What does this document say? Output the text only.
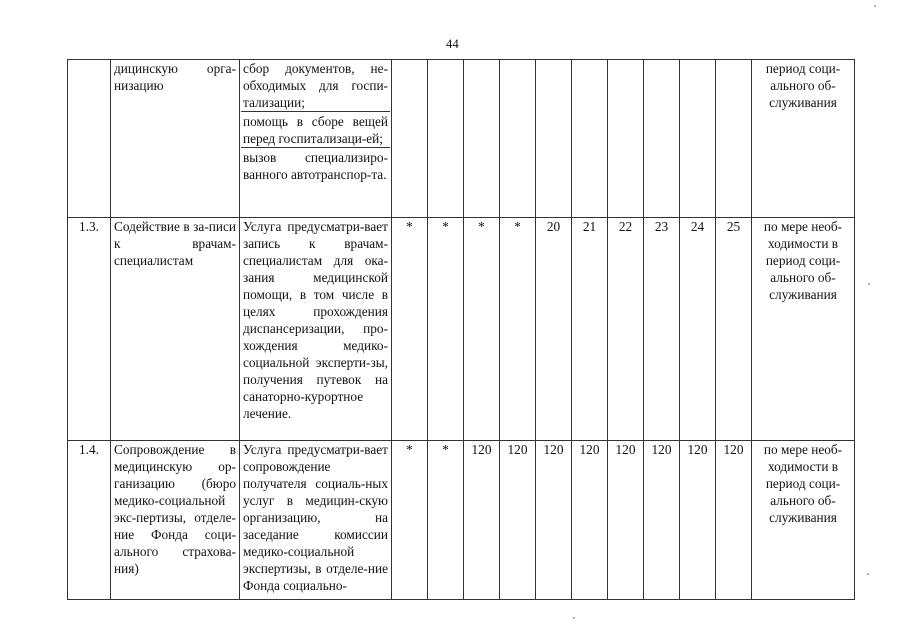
44
	дицинскую орга-низацию	сбор документов, не-обходимых для госпи-тализации;
помощь в сборе вещей перед госпитализаци-ей;
вызов специализиро-ванного автотранспор-та.											период соци-ального об-служивания
1.3.	Содействие в за-писи к врачам-специалистам	Услуга предусматри-вает запись к врачам-специалистам для ока-зания медицинской помощи, в том числе в целях прохождения диспансеризации, про-хождения медико-социальной эксперти-зы, получения путевок на санаторно-курортное лечение.	*	*	*	*	20	21	22	23	24	25	по мере необ-ходимости в период соци-ального об-служивания
1.4.	Сопровождение в медицинскую ор-ганизацию (бюро медико-социальной экс-пертизы, отделе-ние Фонда соци-ального страхова-ния)	Услуга предусматри-вает сопровождение получателя социаль-ных услуг в медицин-скую организацию, на заседание комиссии медико-социальной экспертизы, в отделе-ние Фонда социально-	*	*	120	120	120	120	120	120	120	120	по мере необ-ходимости в период соци-ального об-служивания
